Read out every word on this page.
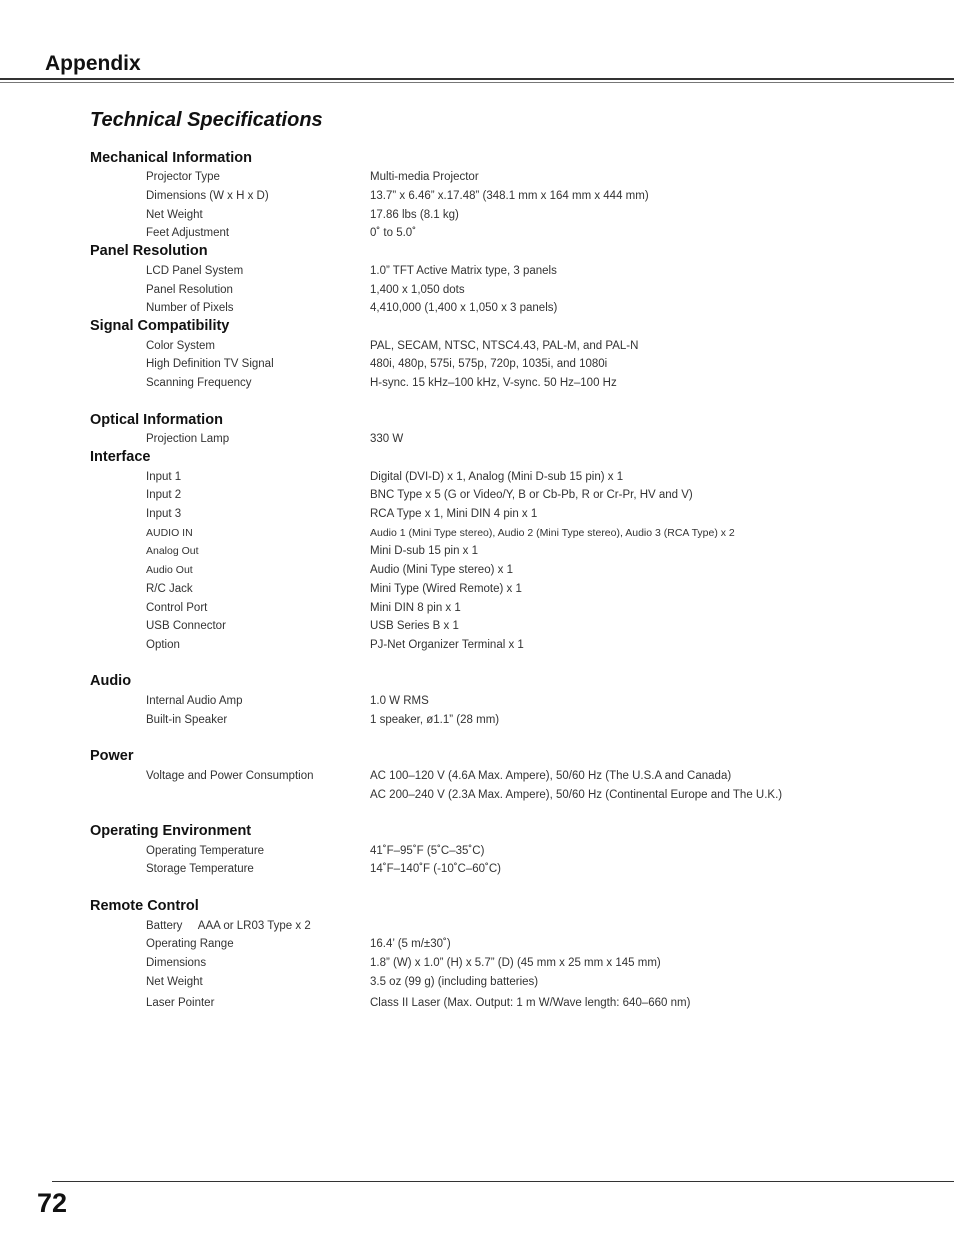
Appendix
Technical Specifications
Mechanical Information
Projector Type	Multi-media Projector
Dimensions (W x H x D)	13.7” x 6.46” x.17.48” (348.1 mm x 164 mm x 444 mm)
Net Weight	17.86 lbs (8.1 kg)
Feet Adjustment	0˚ to 5.0˚
Panel Resolution
LCD Panel System	1.0” TFT Active Matrix type, 3 panels
Panel Resolution	1,400 x 1,050 dots
Number of Pixels	4,410,000 (1,400 x 1,050 x 3 panels)
Signal Compatibility
Color System	PAL, SECAM, NTSC, NTSC4.43, PAL-M, and PAL-N
High Definition TV Signal	480i, 480p, 575i, 575p, 720p, 1035i, and 1080i
Scanning Frequency	H-sync. 15 kHz–100 kHz, V-sync. 50 Hz–100 Hz
Optical Information
Projection Lamp	330 W
Interface
Input 1	Digital (DVI-D) x 1, Analog (Mini D-sub 15 pin) x 1
Input 2	BNC Type x 5 (G or Video/Y, B or Cb-Pb, R or Cr-Pr, HV and V)
Input 3	RCA Type x 1, Mini DIN 4 pin x 1
AUDIO IN	Audio 1 (Mini Type stereo), Audio 2 (Mini Type stereo), Audio 3 (RCA Type) x 2
Analog Out	Mini D-sub 15 pin x 1
Audio Out	Audio (Mini Type stereo) x 1
R/C Jack	Mini Type (Wired Remote) x 1
Control Port	Mini DIN 8 pin x 1
USB Connector	USB Series B x 1
Option	PJ-Net Organizer Terminal x 1
Audio
Internal Audio Amp	1.0 W RMS
Built-in Speaker	1 speaker, ø1.1” (28 mm)
Power
Voltage and Power Consumption	AC 100–120 V (4.6A Max. Ampere), 50/60 Hz (The U.S.A and Canada)
AC 200–240 V (2.3A Max. Ampere), 50/60 Hz (Continental Europe and The U.K.)
Operating Environment
Operating Temperature	41˚F–95˚F (5˚C–35˚C)
Storage Temperature	14˚F–140˚F (-10˚C–60˚C)
Remote Control
Battery     AAA or LR03 Type x 2
Operating Range	16.4’ (5 m/±30˚)
Dimensions	1.8” (W) x 1.0” (H) x 5.7” (D) (45 mm x 25 mm x 145 mm)
Net Weight	3.5 oz (99 g) (including batteries)
Laser Pointer	Class II Laser (Max. Output: 1 m W/Wave length: 640–660 nm)
72
